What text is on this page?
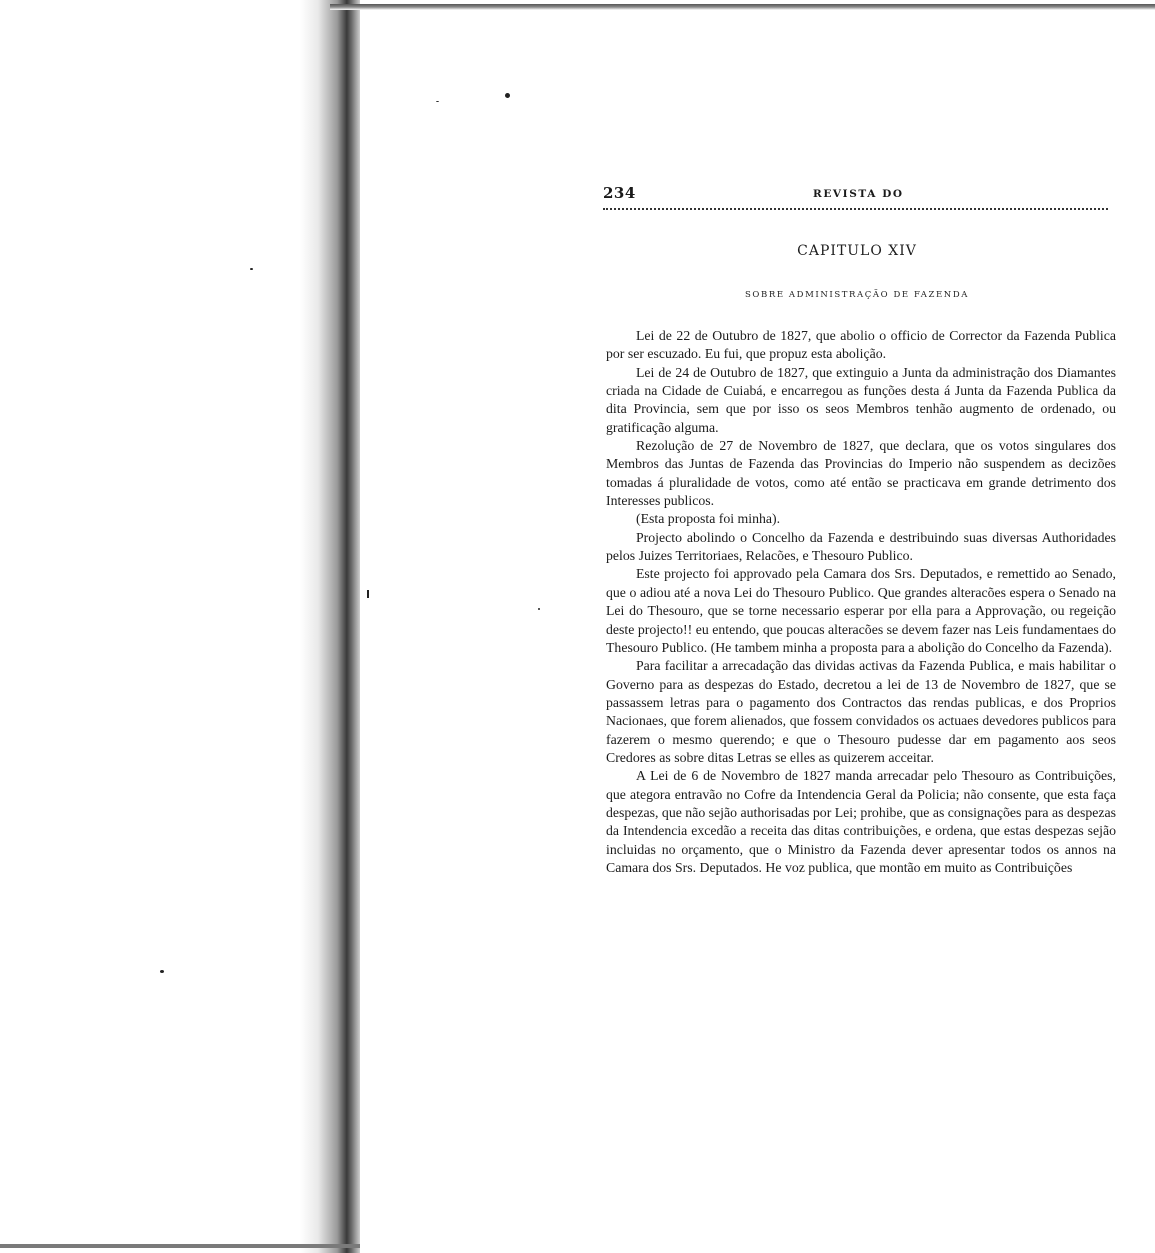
234	REVISTA DO
CAPITULO XIV
SOBRE ADMINISTRAÇÃO DE FAZENDA

Lei de 22 de Outubro de 1827, que abolio o officio de Corrector da Fazenda Publica por ser escuzado. Eu fui, que propuz esta abolição.

Lei de 24 de Outubro de 1827, que extinguio a Junta da administração dos Diamantes criada na Cidade de Cuiabá, e encarregou as funções desta á Junta da Fazenda Publica da dita Provincia, sem que por isso os seos Membros tenhão augmento de ordenado, ou gratificação alguma.

Rezolução de 27 de Novembro de 1827, que declara, que os votos singulares dos Membros das Juntas de Fazenda das Provincias do Imperio não suspendem as decizões tomadas á pluralidade de votos, como até então se practicava em grande detrimento dos Interesses publicos.

(Esta proposta foi minha).

Projecto abolindo o Concelho da Fazenda e destribuindo suas diversas Authoridades pelos Juizes Territoriaes, Relacões, e Thesouro Publico.

Este projecto foi approvado pela Camara dos Srs. Deputados, e remettido ao Senado, que o adiou até a nova Lei do Thesouro Publico. Que grandes alteracões espera o Senado na Lei do Thesouro, que se torne necessario esperar por ella para a Approvação, ou regeição deste projecto!! eu entendo, que poucas alteracões se devem fazer nas Leis fundamentaes do Thesouro Publico. (He tambem minha a proposta para a abolição do Concelho da Fazenda).

Para facilitar a arrecadação das dividas activas da Fazenda Publica, e mais habilitar o Governo para as despezas do Estado, decretou a lei de 13 de Novembro de 1827, que se passassem letras para o pagamento dos Contractos das rendas publicas, e dos Proprios Nacionaes, que forem alienados, que fossem convidados os actuaes devedores publicos para fazerem o mesmo querendo; e que o Thesouro pudesse dar em pagamento aos seos Credores as sobre ditas Letras se elles as quizerem acceitar.

A Lei de 6 de Novembro de 1827 manda arrecadar pelo Thesouro as Contribuições, que ategora entravão no Cofre da Intendencia Geral da Policia; não consente, que esta faça despezas, que não sejão authorisadas por Lei; prohibe, que as consignações para as despezas da Intendencia excedão a receita das ditas contribuições, e ordena, que estas despezas sejão incluidas no orçamento, que o Ministro da Fazenda dever apresentar todos os annos na Camara dos Srs. Deputados. He voz publica, que montão em muito as Contribuições
